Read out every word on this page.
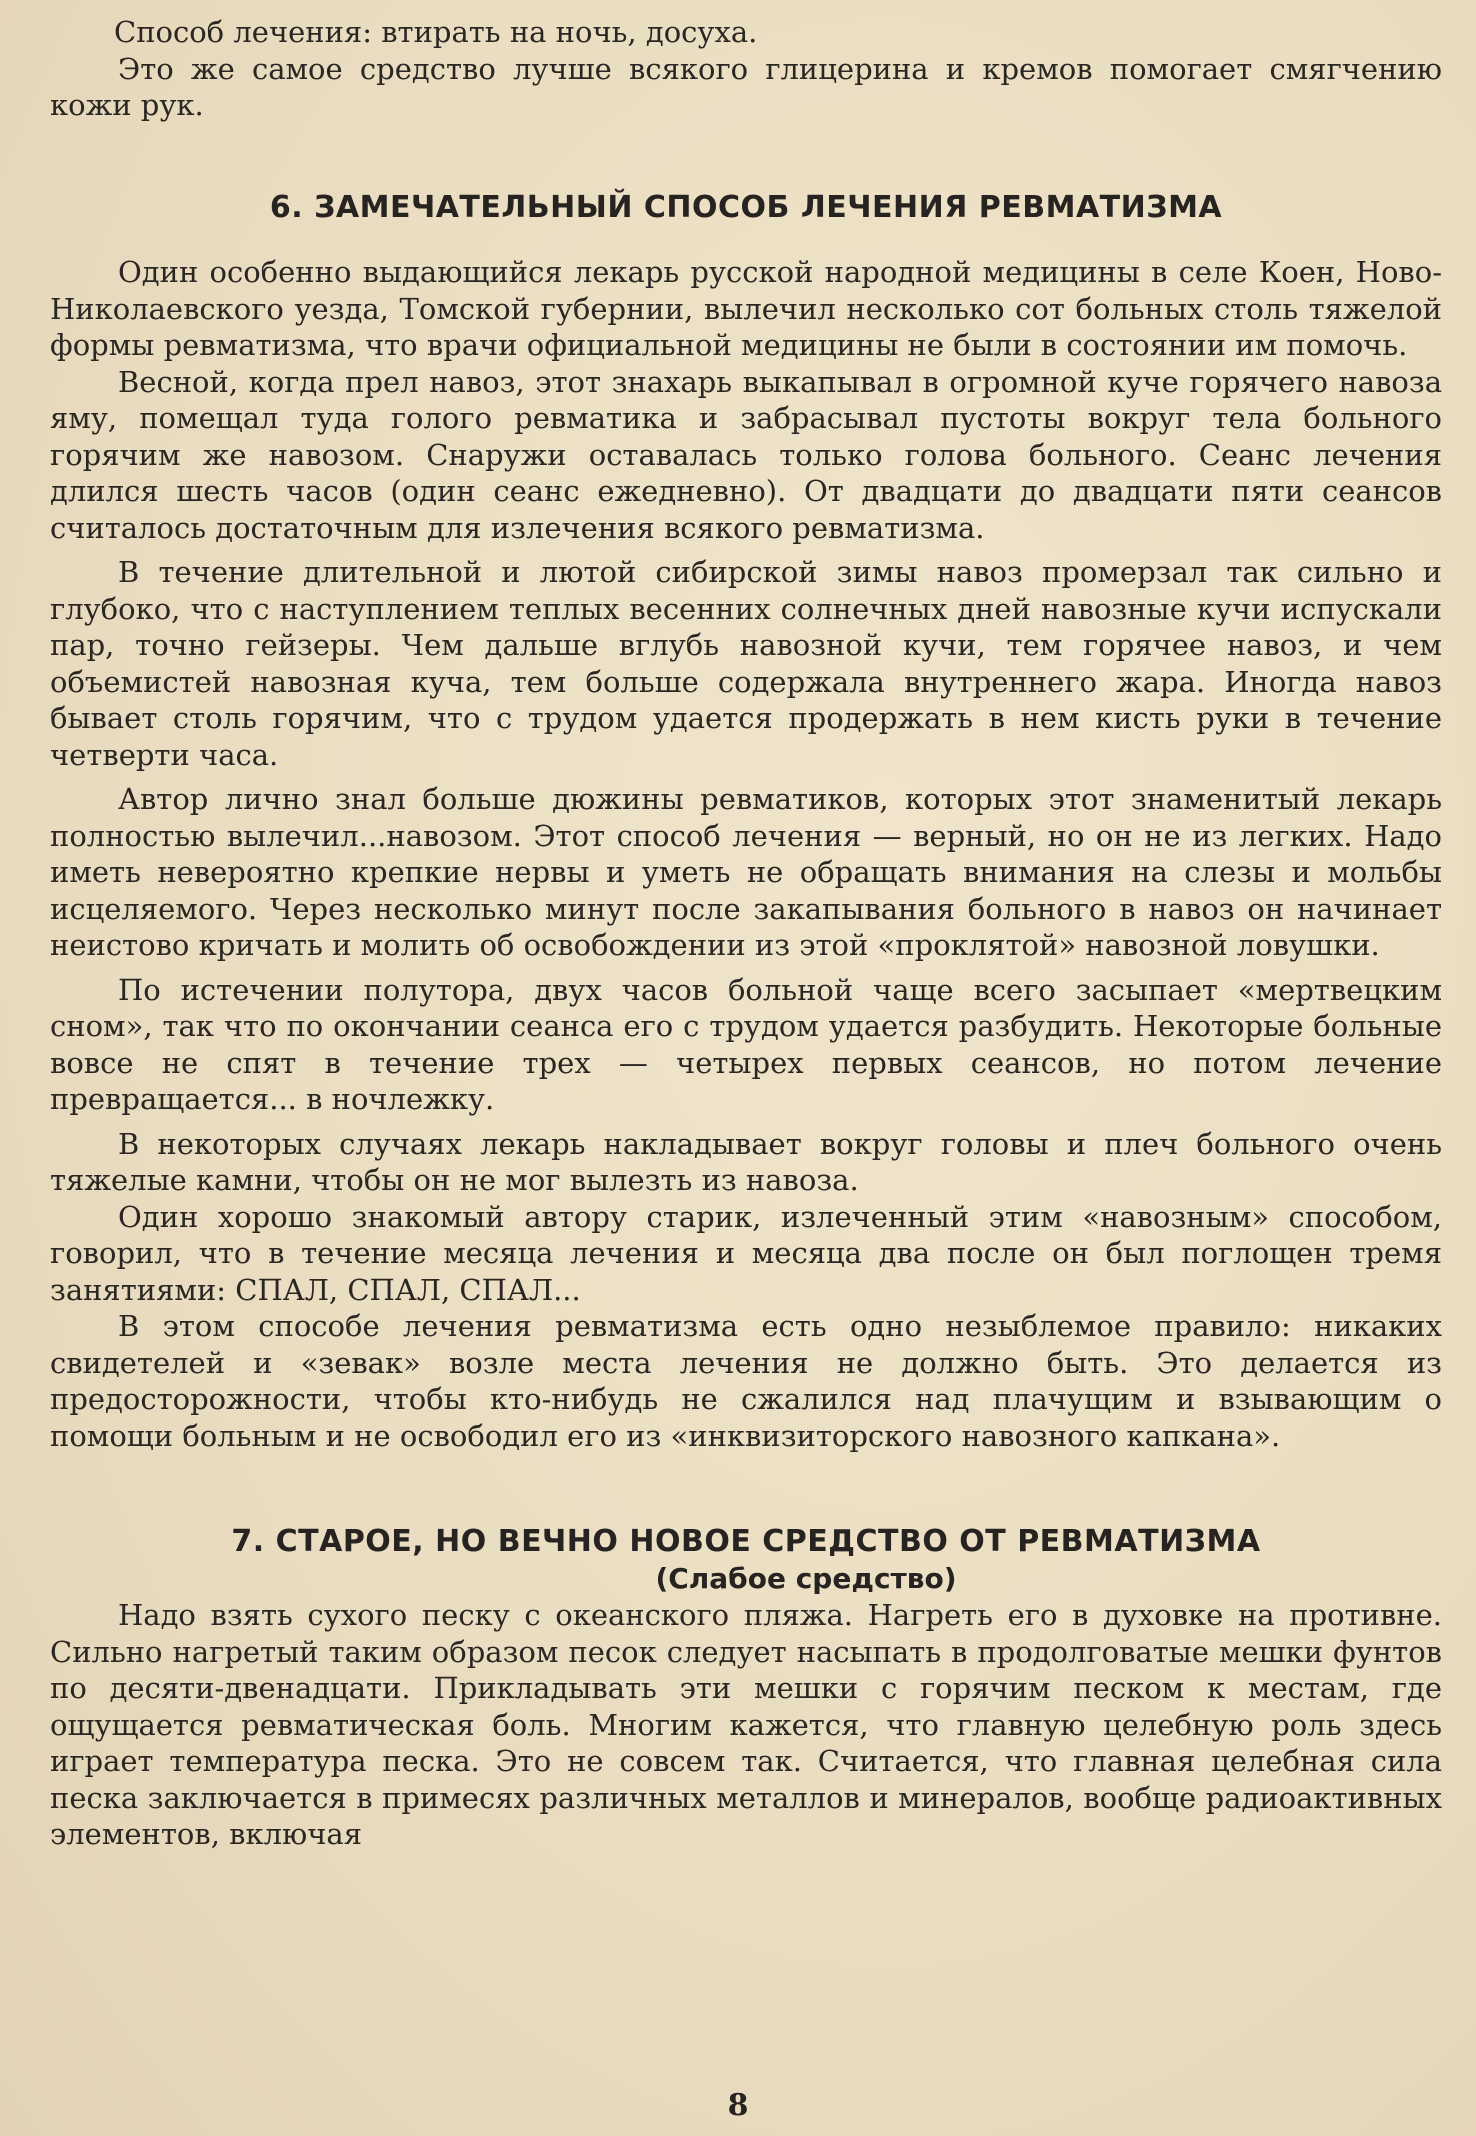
Способ лечения: втирать на ночь, досуха.

Это же самое средство лучше всякого глицерина и кремов помогает смягчению кожи рук.

6. ЗАМЕЧАТЕЛЬНЫЙ СПОСОБ ЛЕЧЕНИЯ РЕВМАТИЗМА

Один особенно выдающийся лекарь русской народной медицины в селе Коен, Ново-Николаевского уезда, Томской губернии, вылечил несколько сот больных столь тяжелой формы ревматизма, что врачи официальной медицины не были в состоянии им помочь.

Весной, когда прел навоз, этот знахарь выкапывал в огромной куче горячего навоза яму, помещал туда голого ревматика и забрасывал пустоты вокруг тела больного горячим же навозом. Снаружи оставалась только голова больного. Сеанс лечения длился шесть часов (один сеанс ежедневно). От двадцати до двадцати пяти сеансов считалось достаточным для излечения всякого ревматизма.

В течение длительной и лютой сибирской зимы навоз промерзал так сильно и глубоко, что с наступлением теплых весенних солнечных дней навозные кучи испускали пар, точно гейзеры. Чем дальше вглубь навозной кучи, тем горячее навоз, и чем объемистей навозная куча, тем больше содержала внутреннего жара. Иногда навоз бывает столь горячим, что с трудом удается продержать в нем кисть руки в течение четверти часа.

Автор лично знал больше дюжины ревматиков, которых этот знаменитый лекарь полностью вылечил...навозом. Этот способ лечения — верный, но он не из легких. Надо иметь невероятно крепкие нервы и уметь не обращать внимания на слезы и мольбы исцеляемого. Через несколько минут после закапывания больного в навоз он начинает неистово кричать и молить об освобождении из этой «проклятой» навозной ловушки.

По истечении полутора, двух часов больной чаще всего засыпает «мертвецким сном», так что по окончании сеанса его с трудом удается разбудить. Некоторые больные вовсе не спят в течение трех — четырех первых сеансов, но потом лечение превращается... в ночлежку.

В некоторых случаях лекарь накладывает вокруг головы и плеч больного очень тяжелые камни, чтобы он не мог вылезть из навоза.

Один хорошо знакомый автору старик, излеченный этим «навозным» способом, говорил, что в течение месяца лечения и месяца два после он был поглощен тремя занятиями: СПАЛ, СПАЛ, СПАЛ...

В этом способе лечения ревматизма есть одно незыблемое правило: никаких свидетелей и «зевак» возле места лечения не должно быть. Это делается из предосторожности, чтобы кто-нибудь не сжалился над плачущим и взывающим о помощи больным и не освободил его из «инквизиторского навозного капкана».

7. СТАРОЕ, НО ВЕЧНО НОВОЕ СРЕДСТВО ОТ РЕВМАТИЗМА

(Слабое средство)

Надо взять сухого песку с океанского пляжа. Нагреть его в духовке на противне. Сильно нагретый таким образом песок следует насыпать в продолговатые мешки фунтов по десяти-двенадцати. Прикладывать эти мешки с горячим песком к местам, где ощущается ревматическая боль. Многим кажется, что главную целебную роль здесь играет температура песка. Это не совсем так. Считается, что главная целебная сила песка заключается в примесях различных металлов и минералов, вообще радиоактивных элементов, включая

8
